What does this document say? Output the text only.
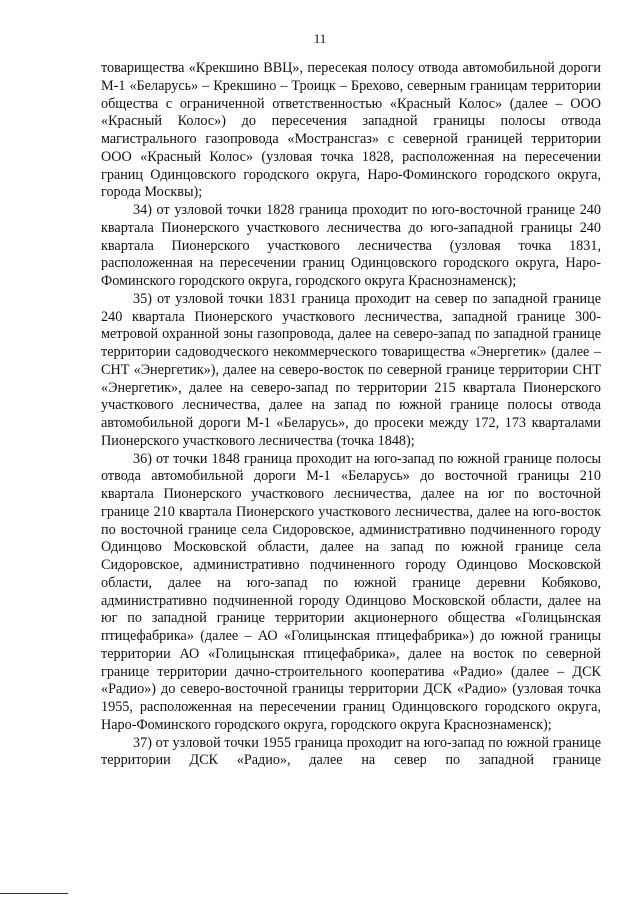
11

товарищества «Крекшино ВВЦ», пересекая полосу отвода автомобильной дороги М-1 «Беларусь» – Крекшино – Троицк – Брехово, северным границам территории общества с ограниченной ответственностью «Красный Колос» (далее – ООО «Красный Колос») до пересечения западной границы полосы отвода магистрального газопровода «Мострансгаз» с северной границей территории ООО «Красный Колос» (узловая точка 1828, расположенная на пересечении границ Одинцовского городского округа, Наро-Фоминского городского округа, города Москвы);

34) от узловой точки 1828 граница проходит по юго-восточной границе 240 квартала Пионерского участкового лесничества до юго-западной границы 240 квартала Пионерского участкового лесничества (узловая точка 1831, расположенная на пересечении границ Одинцовского городского округа, Наро-Фоминского городского округа, городского округа Краснознаменск);

35) от узловой точки 1831 граница проходит на север по западной границе 240 квартала Пионерского участкового лесничества, западной границе 300-метровой охранной зоны газопровода, далее на северо-запад по западной границе территории садоводческого некоммерческого товарищества «Энергетик» (далее – СНТ «Энергетик»), далее на северо-восток по северной границе территории СНТ «Энергетик», далее на северо-запад по территории 215 квартала Пионерского участкового лесничества, далее на запад по южной границе полосы отвода автомобильной дороги М-1 «Беларусь», до просеки между 172, 173 кварталами Пионерского участкового лесничества (точка 1848);

36) от точки 1848 граница проходит на юго-запад по южной границе полосы отвода автомобильной дороги М-1 «Беларусь» до восточной границы 210 квартала Пионерского участкового лесничества, далее на юг по восточной границе 210 квартала Пионерского участкового лесничества, далее на юго-восток по восточной границе села Сидоровское, административно подчиненного городу Одинцово Московской области, далее на запад по южной границе села Сидоровское, административно подчиненного городу Одинцово Московской области, далее на юго-запад по южной границе деревни Кобяково, административно подчиненной городу Одинцово Московской области, далее на юг по западной границе территории акционерного общества «Голицынская птицефабрика» (далее – АО «Голицынская птицефабрика») до южной границы территории АО «Голицынская птицефабрика», далее на восток по северной границе территории дачно-строительного кооператива «Радио» (далее – ДСК «Радио») до северо-восточной границы территории ДСК «Радио» (узловая точка 1955, расположенная на пересечении границ Одинцовского городского округа, Наро-Фоминского городского округа, городского округа Краснознаменск);

37) от узловой точки 1955 граница проходит на юго-запад по южной границе территории ДСК «Радио», далее на север по западной границе
